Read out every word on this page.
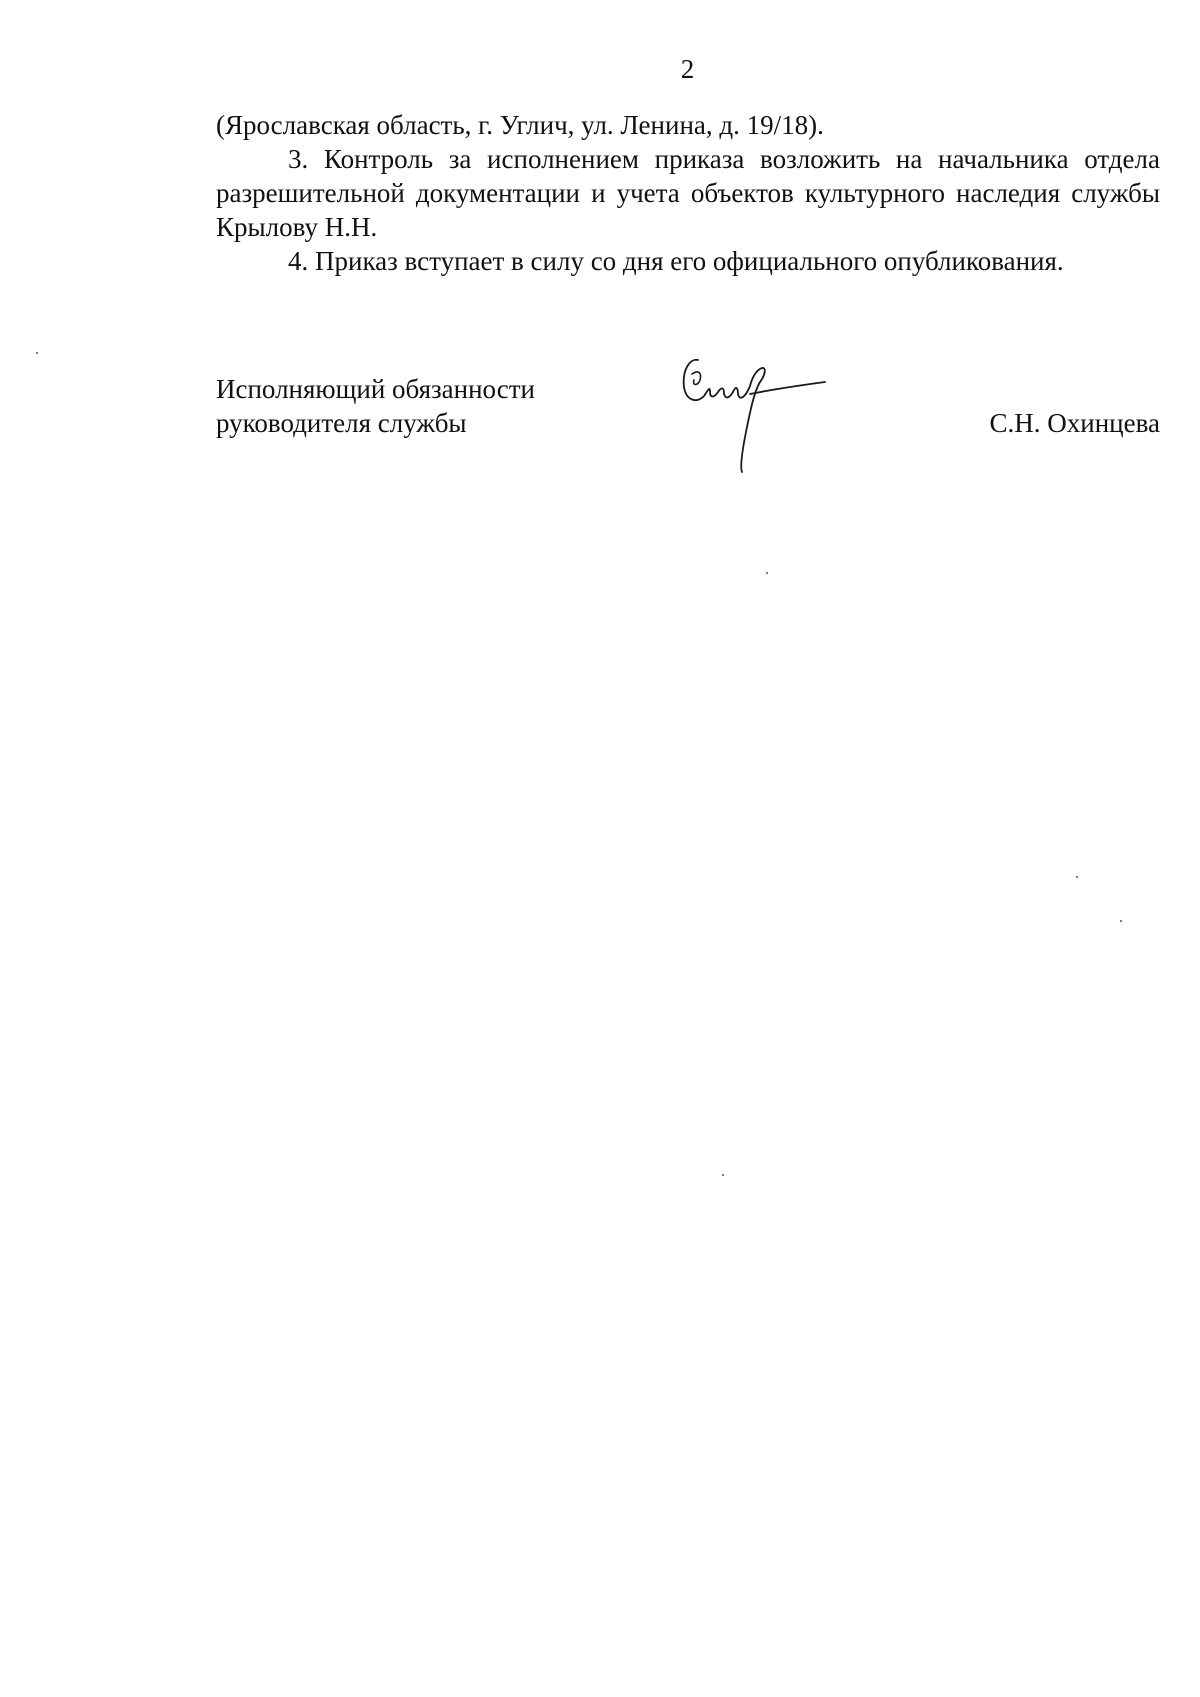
2

(Ярославская область, г. Углич, ул. Ленина, д. 19/18).

3. Контроль за исполнением приказа возложить на начальника отдела разрешительной документации и учета объектов культурного наследия службы Крылову Н.Н.

4. Приказ вступает в силу со дня его официального опубликования.

Исполняющий обязанности
руководителя службы	С.Н. Охинцева
